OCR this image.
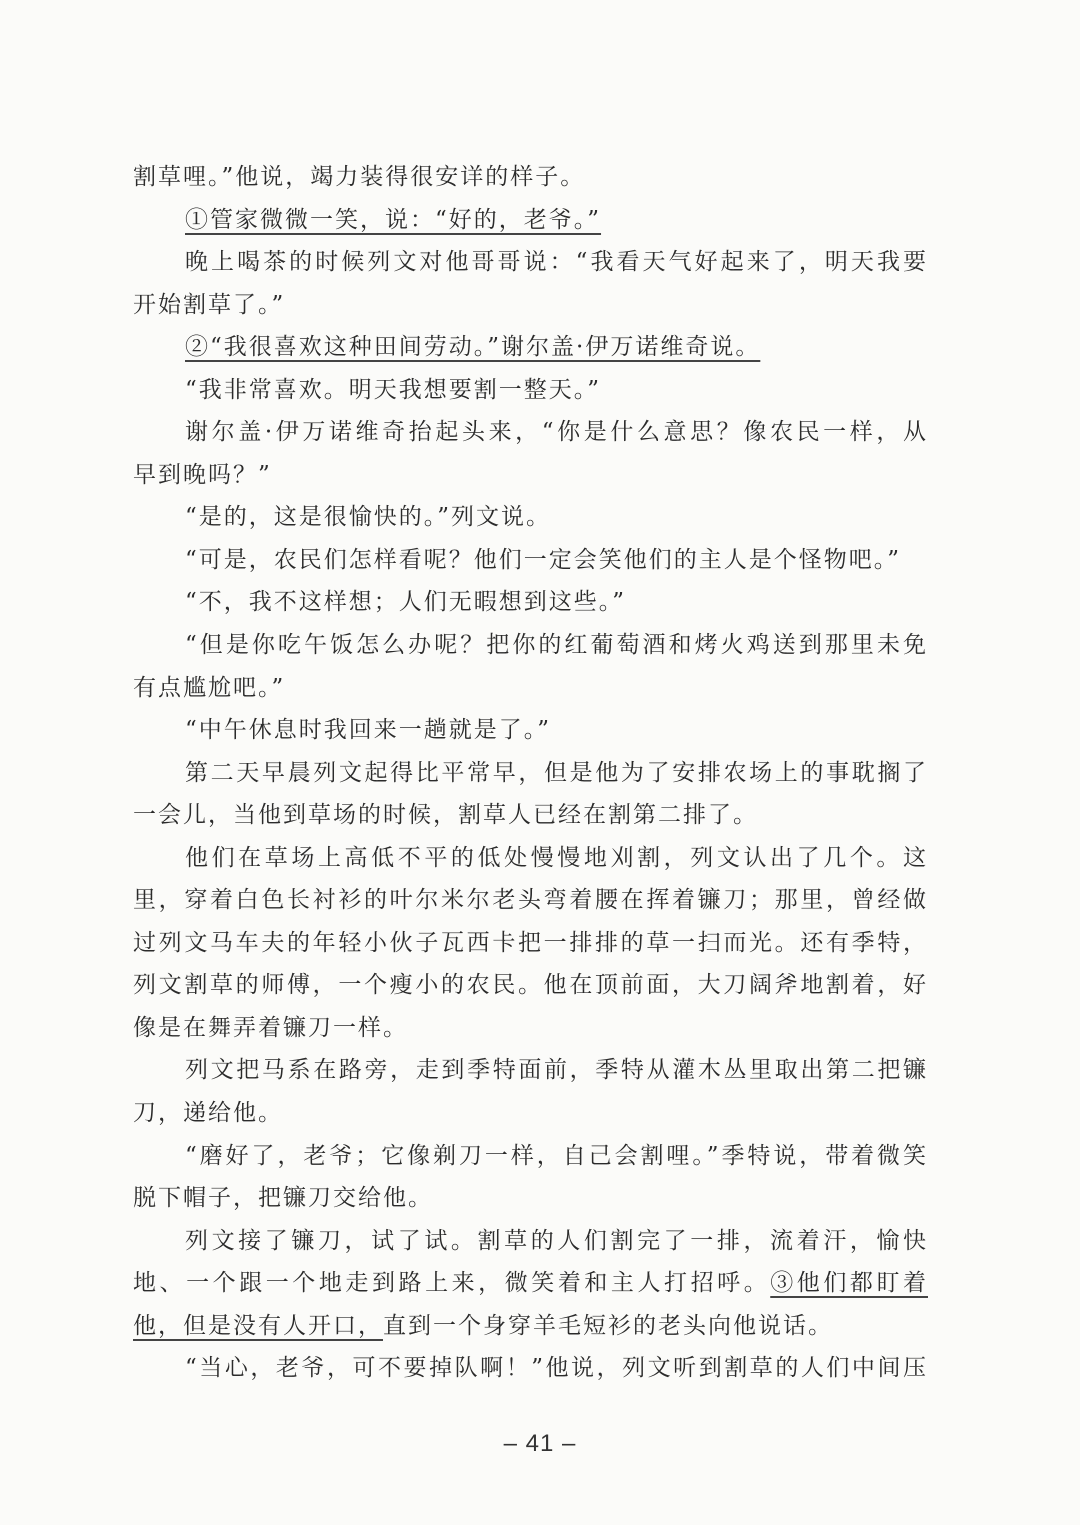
割草哩。”他说，竭力装得很安详的样子。
①管家微微一笑，说：“好的，老爷。”
晚上喝茶的时候列文对他哥哥说：“我看天气好起来了，明天我要
开始割草了。”
②“我很喜欢这种田间劳动。”谢尔盖·伊万诺维奇说。
“我非常喜欢。明天我想要割一整天。”
谢尔盖·伊万诺维奇抬起头来，“你是什么意思？像农民一样，从
早到晚吗？”
“是的，这是很愉快的。”列文说。
“可是，农民们怎样看呢？他们一定会笑他们的主人是个怪物吧。”
“不，我不这样想；人们无暇想到这些。”
“但是你吃午饭怎么办呢？把你的红葡萄酒和烤火鸡送到那里未免
有点尴尬吧。”
“中午休息时我回来一趟就是了。”
第二天早晨列文起得比平常早，但是他为了安排农场上的事耽搁了
一会儿，当他到草场的时候，割草人已经在割第二排了。
他们在草场上高低不平的低处慢慢地刈割，列文认出了几个。这
里，穿着白色长衬衫的叶尔米尔老头弯着腰在挥着镰刀；那里，曾经做
过列文马车夫的年轻小伙子瓦西卡把一排排的草一扫而光。还有季特，
列文割草的师傅，一个瘦小的农民。他在顶前面，大刀阔斧地割着，好
像是在舞弄着镰刀一样。
列文把马系在路旁，走到季特面前，季特从灌木丛里取出第二把镰
刀，递给他。
“磨好了，老爷；它像剃刀一样，自己会割哩。”季特说，带着微笑
脱下帽子，把镰刀交给他。
列文接了镰刀，试了试。割草的人们割完了一排，流着汗，愉快
地、一个跟一个地走到路上来，微笑着和主人打招呼。③他们都盯着
他，但是没有人开口，直到一个身穿羊毛短衫的老头向他说话。
“当心，老爷，可不要掉队啊！”他说，列文听到割草的人们中间压
– 41 –
